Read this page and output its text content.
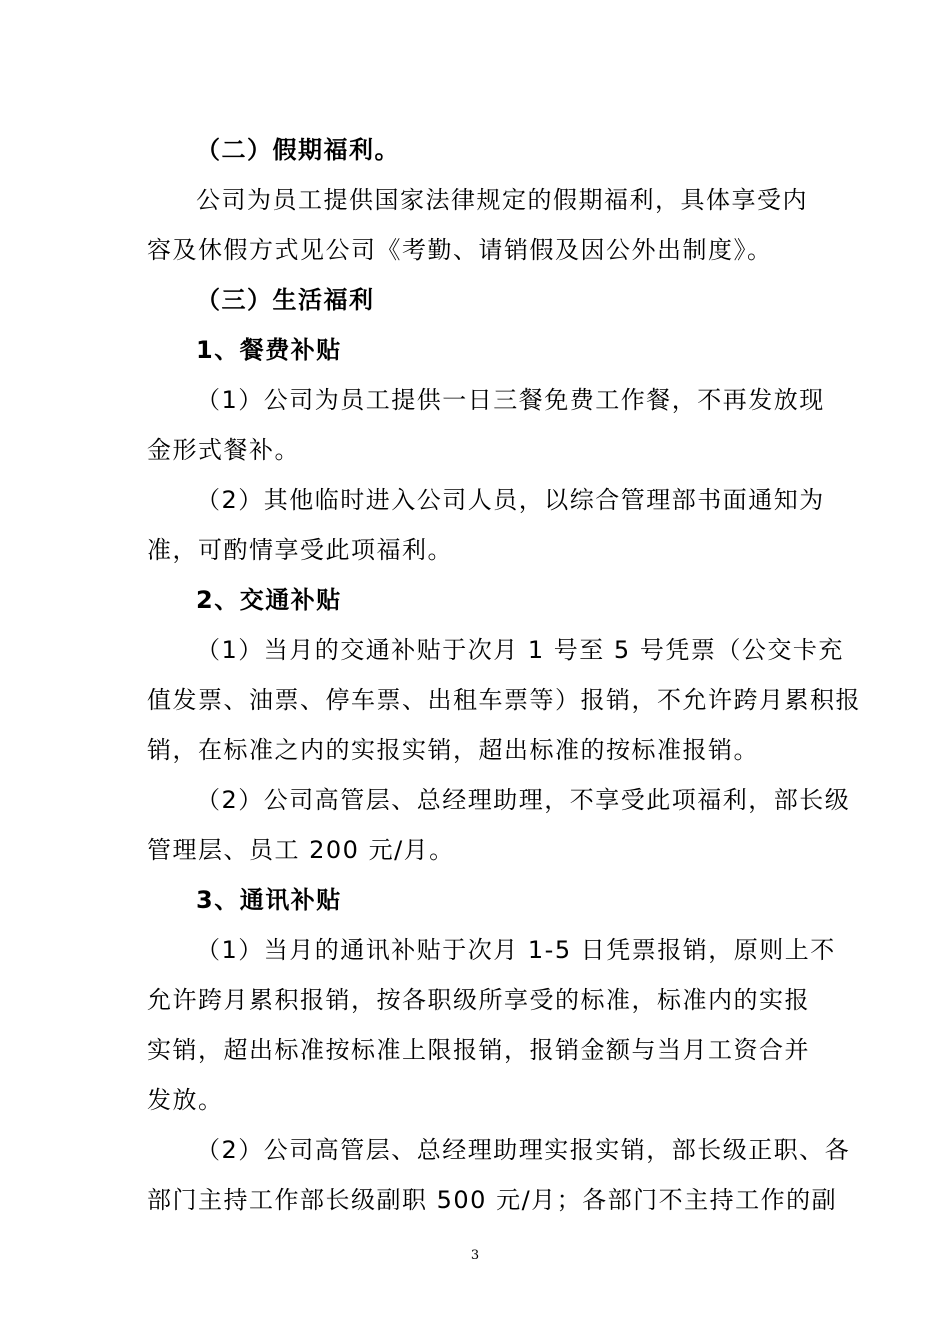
（二）假期福利。
公司为员工提供国家法律规定的假期福利，具体享受内
容及休假方式见公司《考勤、请销假及因公外出制度》。
（三）生活福利
1、餐费补贴
（1）公司为员工提供一日三餐免费工作餐，不再发放现
金形式餐补。
（2）其他临时进入公司人员，以综合管理部书面通知为
准，可酌情享受此项福利。
2、交通补贴
（1）当月的交通补贴于次月 1 号至 5 号凭票（公交卡充
值发票、油票、停车票、出租车票等）报销，不允许跨月累积报
销，在标准之内的实报实销，超出标准的按标准报销。
（2）公司高管层、总经理助理，不享受此项福利，部长级
管理层、员工 200 元/月。
3、通讯补贴
（1）当月的通讯补贴于次月 1-5 日凭票报销，原则上不
允许跨月累积报销，按各职级所享受的标准，标准内的实报
实销，超出标准按标准上限报销，报销金额与当月工资合并
发放。
（2）公司高管层、总经理助理实报实销，部长级正职、各
部门主持工作部长级副职 500 元/月；各部门不主持工作的副
3
